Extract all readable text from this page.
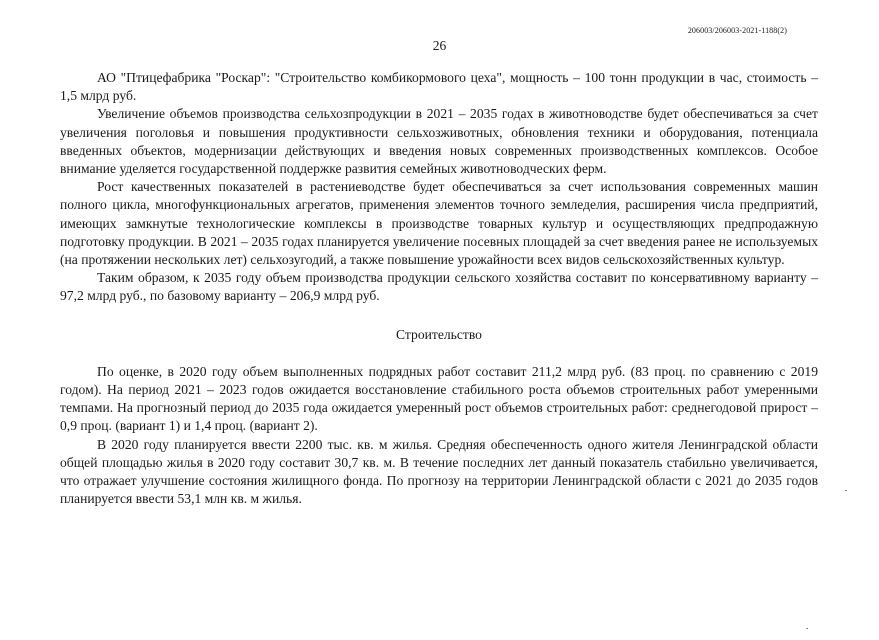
206003/206003-2021-1188(2)
26

АО "Птицефабрика "Роскар": "Строительство комбикормового цеха", мощность – 100 тонн продукции в час, стоимость – 1,5 млрд руб.

Увеличение объемов производства сельхозпродукции в 2021 – 2035 годах в животноводстве будет обеспечиваться за счет увеличения поголовья и повышения продуктивности сельхозживотных, обновления техники и оборудования, потенциала введенных объектов, модернизации действующих и введения новых современных производственных комплексов. Особое внимание уделяется государственной поддержке развития семейных животноводческих ферм.

Рост качественных показателей в растениеводстве будет обеспечиваться за счет использования современных машин полного цикла, многофункциональных агрегатов, применения элементов точного земледелия, расширения числа предприятий, имеющих замкнутые технологические комплексы в производстве товарных культур и осуществляющих предпродажную подготовку продукции. В 2021 – 2035 годах планируется увеличение посевных площадей за счет введения ранее не используемых (на протяжении нескольких лет) сельхозугодий, а также повышение урожайности всех видов сельскохозяйственных культур.

Таким образом, к 2035 году объем производства продукции сельского хозяйства составит по консервативному варианту – 97,2 млрд руб., по базовому варианту – 206,9 млрд руб.

Строительство

По оценке, в 2020 году объем выполненных подрядных работ составит 211,2 млрд руб. (83 проц. по сравнению с 2019 годом). На период 2021 – 2023 годов ожидается восстановление стабильного роста объемов строительных работ умеренными темпами. На прогнозный период до 2035 года ожидается умеренный рост объемов строительных работ: среднегодовой прирост – 0,9 проц. (вариант 1) и 1,4 проц. (вариант 2).

В 2020 году планируется ввести 2200 тыс. кв. м жилья. Средняя обеспеченность одного жителя Ленинградской области общей площадью жилья в 2020 году составит 30,7 кв. м. В течение последних лет данный показатель стабильно увеличивается, что отражает улучшение состояния жилищного фонда. По прогнозу на территории Ленинградской области с 2021 до 2035 годов планируется ввести 53,1 млн кв. м жилья.
